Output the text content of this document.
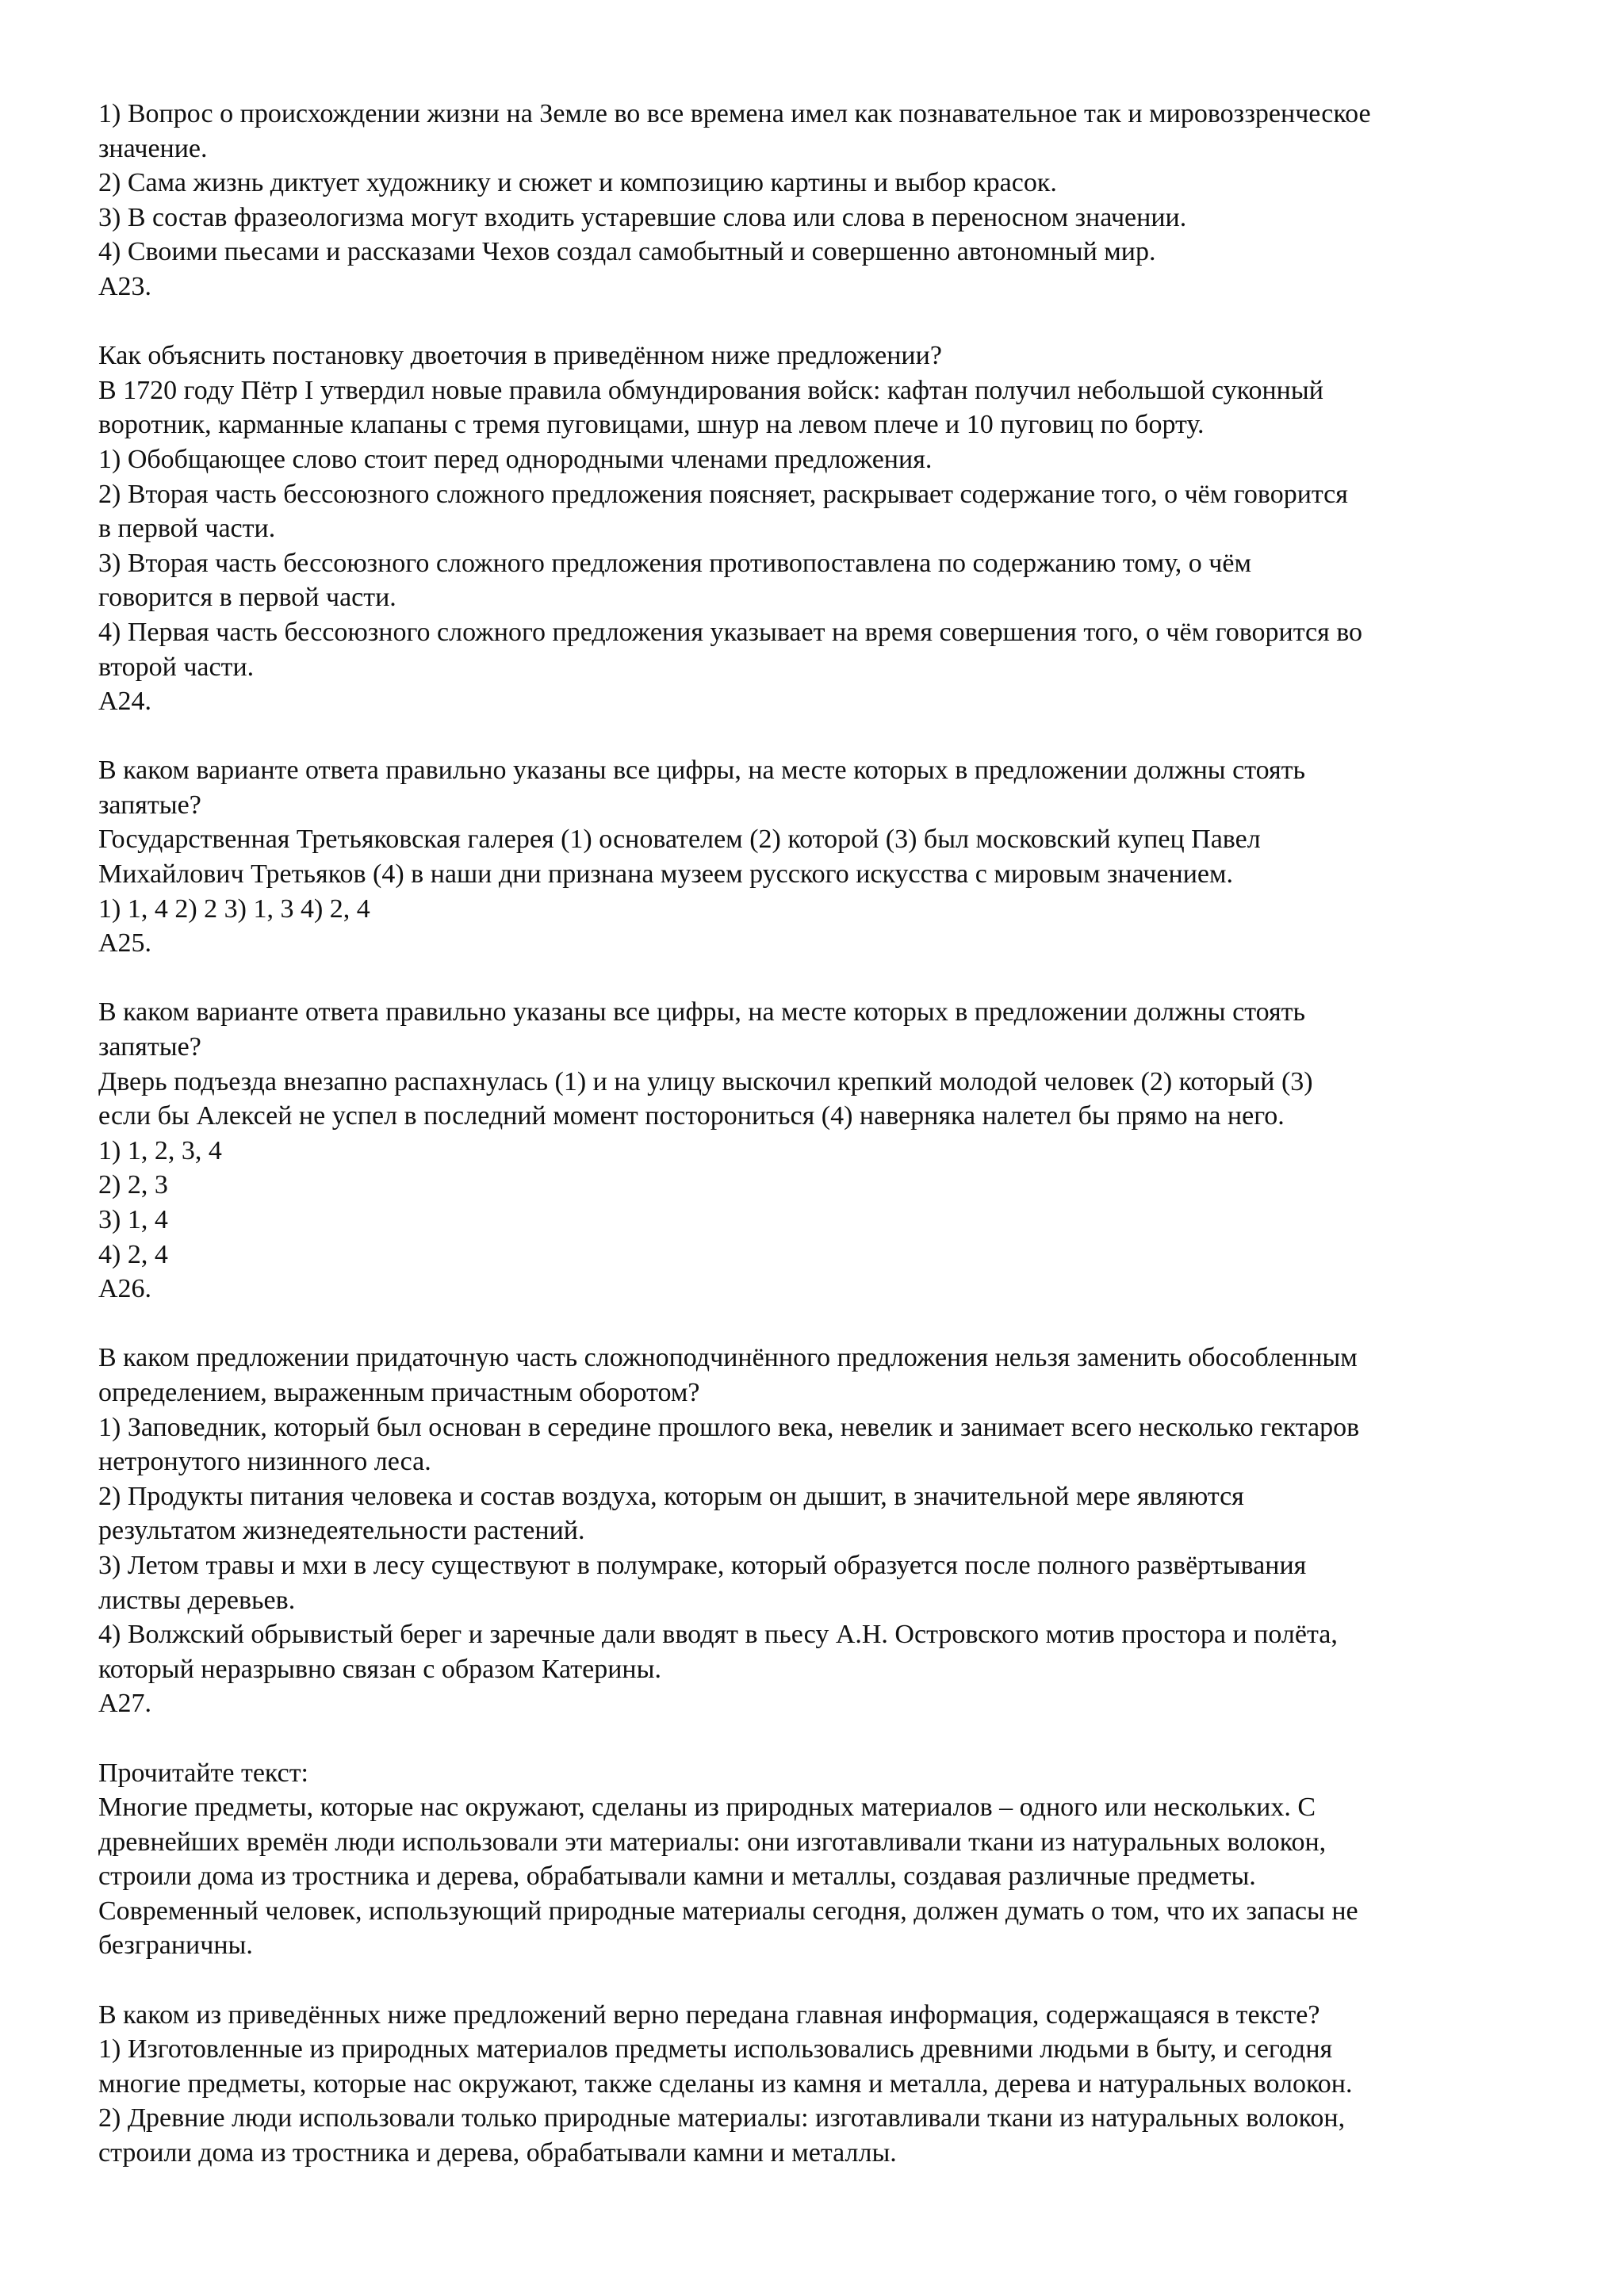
1) Вопрос о происхождении жизни на Земле во все времена имел как познавательное так и мировоззренческое
значение.
2) Сама жизнь диктует художнику и сюжет и композицию картины и выбор красок.
3) В состав фразеологизма могут входить устаревшие слова или слова в переносном значении.
4) Своими пьесами и рассказами Чехов создал самобытный и совершенно автономный мир.
А23.
Как объяснить постановку двоеточия в приведённом ниже предложении?
В 1720 году Пётр I утвердил новые правила обмундирования войск: кафтан получил небольшой суконный
воротник, карманные клапаны с тремя пуговицами, шнур на левом плече и 10 пуговиц по борту.
1) Обобщающее слово стоит перед однородными членами предложения.
2) Вторая часть бессоюзного сложного предложения поясняет, раскрывает содержание того, о чём говорится
в первой части.
3) Вторая часть бессоюзного сложного предложения противопоставлена по содержанию тому, о чём
говорится в первой части.
4) Первая часть бессоюзного сложного предложения указывает на время совершения того, о чём говорится во
второй части.
А24.
В каком варианте ответа правильно указаны все цифры, на месте которых в предложении должны стоять
запятые?
Государственная Третьяковская галерея (1) основателем (2) которой (3) был московский купец Павел
Михайлович Третьяков (4) в наши дни признана музеем русского искусства с мировым значением.
1) 1, 4 2) 2 3) 1, 3 4) 2, 4
А25.
В каком варианте ответа правильно указаны все цифры, на месте которых в предложении должны стоять
запятые?
Дверь подъезда внезапно распахнулась (1) и на улицу выскочил крепкий молодой человек (2) который (3)
если бы Алексей не успел в последний момент посторониться (4) наверняка налетел бы прямо на него.
1) 1, 2, 3, 4
2) 2, 3
3) 1, 4
4) 2, 4
А26.
В каком предложении придаточную часть сложноподчинённого предложения нельзя заменить обособленным
определением, выраженным причастным оборотом?
1) Заповедник, который был основан в середине прошлого века, невелик и занимает всего несколько гектаров
нетронутого низинного леса.
2) Продукты питания человека и состав воздуха, которым он дышит, в значительной мере являются
результатом жизнедеятельности растений.
3) Летом травы и мхи в лесу существуют в полумраке, который образуется после полного развёртывания
листвы деревьев.
4) Волжский обрывистый берег и заречные дали вводят в пьесу А.Н. Островского мотив простора и полёта,
который неразрывно связан с образом Катерины.
А27.
Прочитайте текст:
Многие предметы, которые нас окружают, сделаны из природных материалов – одного или нескольких. С
древнейших времён люди использовали эти материалы: они изготавливали ткани из натуральных волокон,
строили дома из тростника и дерева, обрабатывали камни и металлы, создавая различные предметы.
Современный человек, использующий природные материалы сегодня, должен думать о том, что их запасы не
безграничны.
В каком из приведённых ниже предложений верно передана главная информация, содержащаяся в тексте?
1) Изготовленные из природных материалов предметы использовались древними людьми в быту, и сегодня
многие предметы, которые нас окружают, также сделаны из камня и металла, дерева и натуральных волокон.
2) Древние люди использовали только природные материалы: изготавливали ткани из натуральных волокон,
строили дома из тростника и дерева, обрабатывали камни и металлы.
